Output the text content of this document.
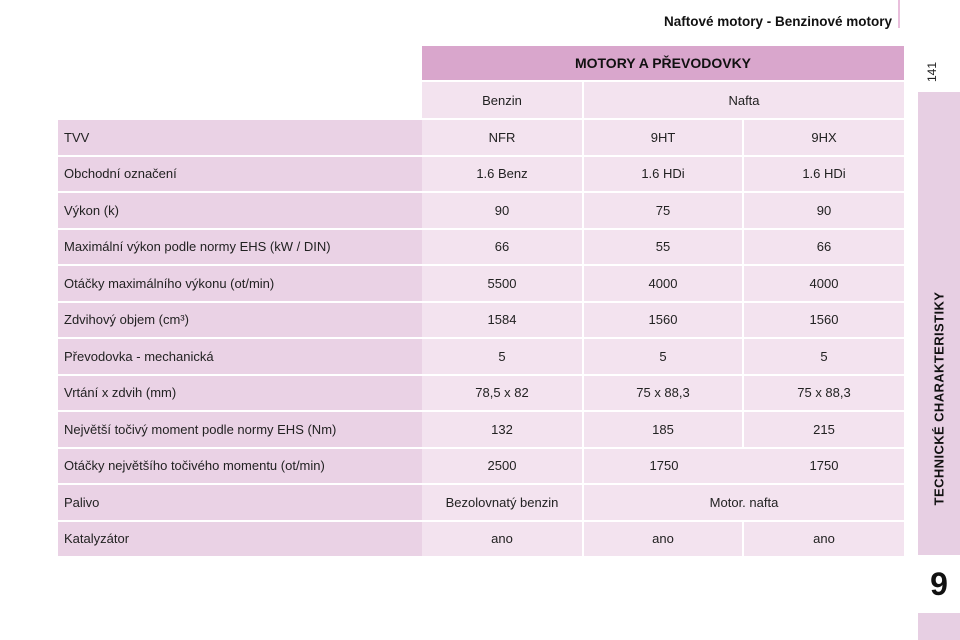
Naftové motory - Benzinové motory
141
TECHNICKÉ CHARAKTERISTIKY
9
MOTORY A PŘEVODOVKY
Benzin	Nafta
TVV	NFR	9HT	9HX
Obchodní označení	1.6 Benz	1.6 HDi	1.6 HDi
Výkon (k)	90	75	90
Maximální výkon podle normy EHS (kW / DIN)	66	55	66
Otáčky maximálního výkonu (ot/min)	5500	4000	4000
Zdvihový objem (cm³)	1584	1560	1560
Převodovka - mechanická	5	5	5
Vrtání x zdvih (mm)	78,5 x 82	75 x 88,3	75 x 88,3
Největší točivý moment podle normy EHS (Nm)	132	185	215
Otáčky největšího točivého momentu (ot/min)	2500	1750	1750
Palivo	Bezolovnatý benzin	Motor. nafta
Katalyzátor	ano	ano	ano
